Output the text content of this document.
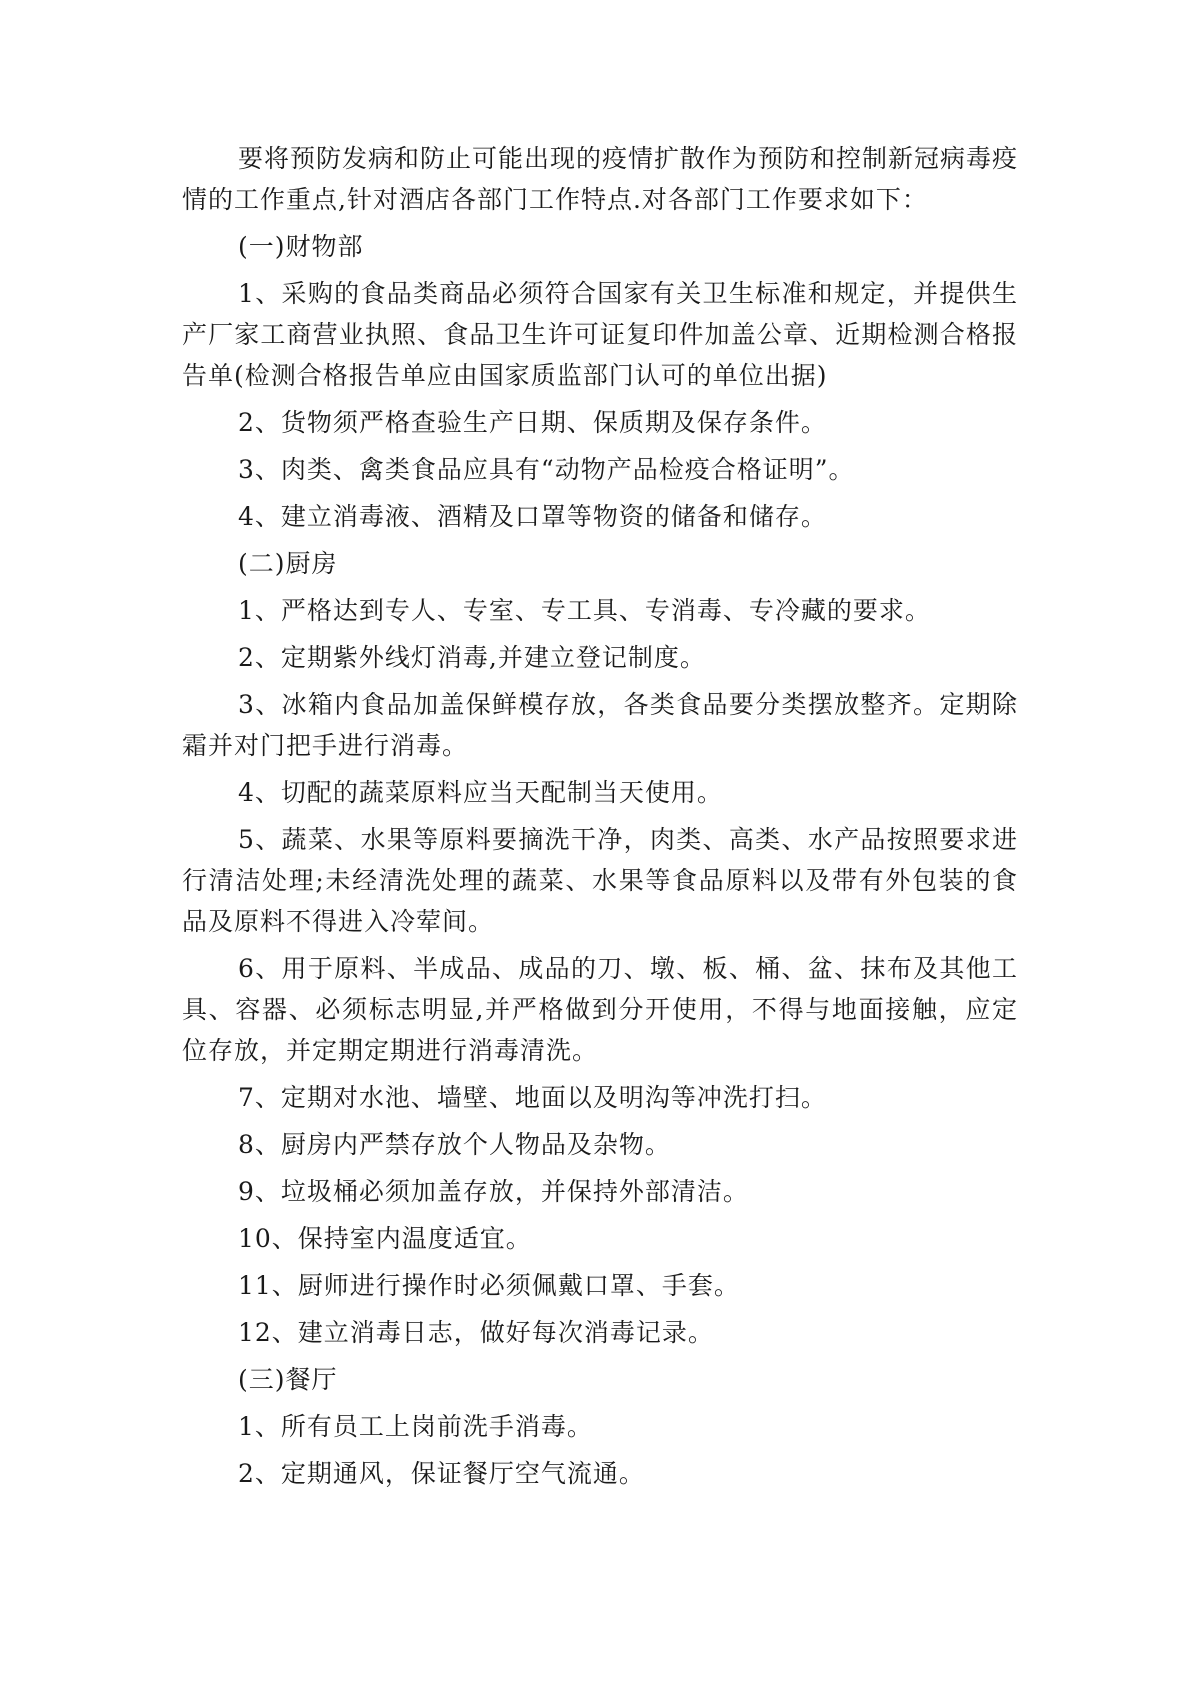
要将预防发病和防止可能出现的疫情扩散作为预防和控制新冠病毒疫情的工作重点,针对酒店各部门工作特点.对各部门工作要求如下：

(一)财物部

1、采购的食品类商品必须符合国家有关卫生标准和规定，并提供生产厂家工商营业执照、食品卫生许可证复印件加盖公章、近期检测合格报告单(检测合格报告单应由国家质监部门认可的单位出据)

2、货物须严格查验生产日期、保质期及保存条件。

3、肉类、禽类食品应具有“动物产品检疫合格证明”。

4、建立消毒液、酒精及口罩等物资的储备和储存。

(二)厨房

1、严格达到专人、专室、专工具、专消毒、专冷藏的要求。

2、定期紫外线灯消毒,并建立登记制度。

3、冰箱内食品加盖保鲜模存放，各类食品要分类摆放整齐。定期除霜并对门把手进行消毒。

4、切配的蔬菜原料应当天配制当天使用。

5、蔬菜、水果等原料要摘洗干净，肉类、高类、水产品按照要求进行清洁处理;未经清洗处理的蔬菜、水果等食品原料以及带有外包装的食品及原料不得进入冷荤间。

6、用于原料、半成品、成品的刀、墩、板、桶、盆、抹布及其他工具、容器、必须标志明显,并严格做到分开使用，不得与地面接触，应定位存放，并定期定期进行消毒清洗。

7、定期对水池、墙壁、地面以及明沟等冲洗打扫。

8、厨房内严禁存放个人物品及杂物。

9、垃圾桶必须加盖存放，并保持外部清洁。

10、保持室内温度适宜。

11、厨师进行操作时必须佩戴口罩、手套。

12、建立消毒日志，做好每次消毒记录。

(三)餐厅

1、所有员工上岗前洗手消毒。

2、定期通风，保证餐厅空气流通。
